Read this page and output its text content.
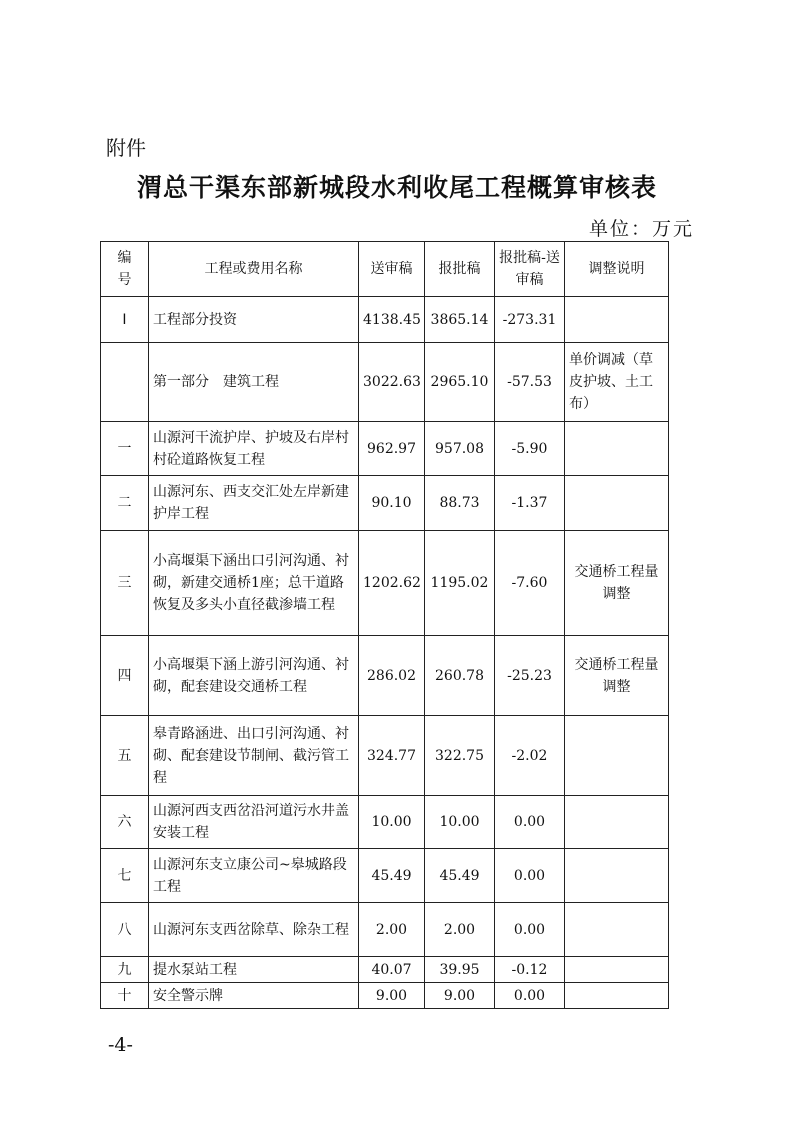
附件
渭总干渠东部新城段水利收尾工程概算审核表
单位：万元
编号	工程或费用名称	送审稿	报批稿	报批稿-送审稿	调整说明
I	工程部分投资	4138.45	3865.14	-273.31	
	第一部分　建筑工程	3022.63	2965.10	-57.53	单价调减（草皮护坡、土工布）
一	山源河干流护岸、护坡及右岸村村砼道路恢复工程	962.97	957.08	-5.90	
二	山源河东、西支交汇处左岸新建护岸工程	90.10	88.73	-1.37	
三	小高堰渠下涵出口引河沟通、衬砌，新建交通桥1座；总干道路恢复及多头小直径截渗墙工程	1202.62	1195.02	-7.60	交通桥工程量调整
四	小高堰渠下涵上游引河沟通、衬砌，配套建设交通桥工程	286.02	260.78	-25.23	交通桥工程量调整
五	皋青路涵进、出口引河沟通、衬砌、配套建设节制闸、截污管工程	324.77	322.75	-2.02	
六	山源河西支西岔沿河道污水井盖安装工程	10.00	10.00	0.00	
七	山源河东支立康公司~皋城路段工程	45.49	45.49	0.00	
八	山源河东支西岔除草、除杂工程	2.00	2.00	0.00	
九	提水泵站工程	40.07	39.95	-0.12	
十	安全警示牌	9.00	9.00	0.00	
-4-
